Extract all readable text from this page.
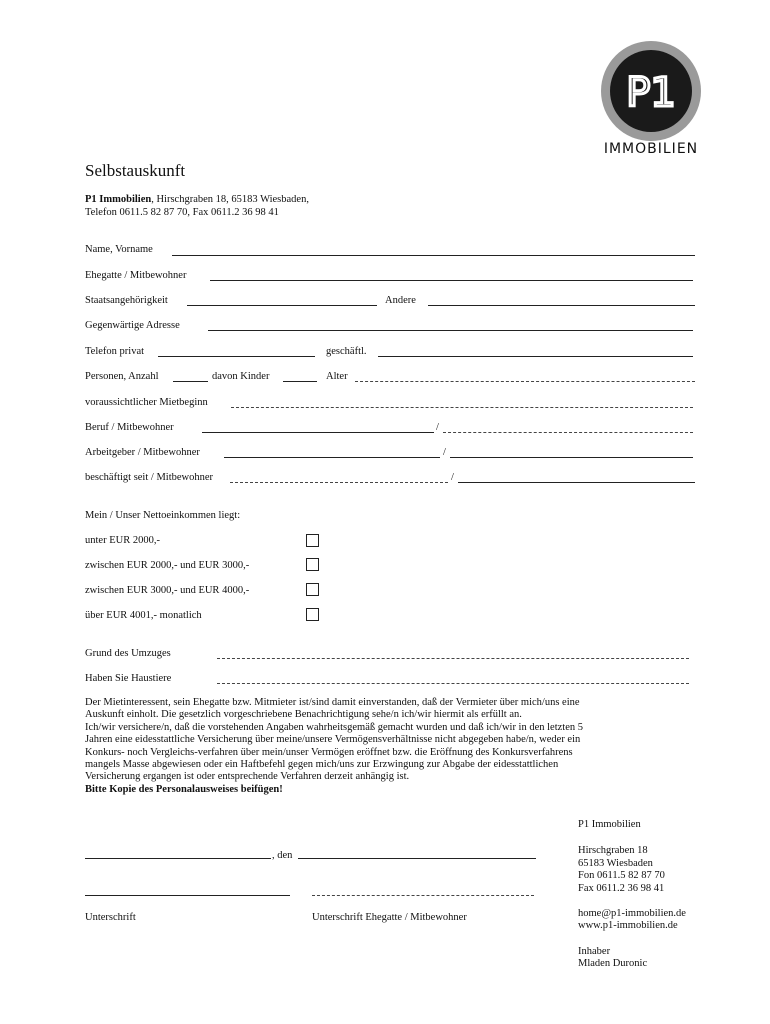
P1
IMMOBILIEN
Selbstauskunft
P1 Immobilien, Hirschgraben 18, 65183 Wiesbaden,
Telefon 0611.5 82 87 70, Fax 0611.2 36 98 41
Name, Vorname
Ehegatte / Mitbewohner
Staatsangehörigkeit	Andere
Gegenwärtige Adresse
Telefon privat	geschäftl.
Personen, Anzahl	davon Kinder	Alter
voraussichtlicher Mietbeginn
Beruf / Mitbewohner	/
Arbeitgeber / Mitbewohner	/
beschäftigt seit / Mitbewohner	/
Mein / Unser Nettoeinkommen liegt:
unter EUR 2000,-
zwischen EUR 2000,- und EUR 3000,-
zwischen EUR 3000,- und EUR 4000,-
über EUR 4001,- monatlich
Grund des Umzuges
Haben Sie Haustiere

Der Mietinteressent, sein Ehegatte bzw. Mitmieter ist/sind damit einverstanden, daß der Vermieter über mich/uns eine

Auskunft einholt. Die gesetzlich vorgeschriebene Benachrichtigung sehe/n ich/wir hiermit als erfüllt an.

Ich/wir versichere/n, daß die vorstehenden Angaben wahrheitsgemäß gemacht wurden und daß ich/wir in den letzten 5

Jahren eine eidesstattliche Versicherung über meine/unsere Vermögensverhältnisse nicht abgegeben habe/n, weder ein

Konkurs- noch Vergleichs-verfahren über mein/unser Vermögen eröffnet bzw. die Eröffnung des Konkursverfahrens

mangels Masse abgewiesen oder ein Haftbefehl gegen mich/uns zur Erzwingung zur Abgabe der eidesstattlichen

Versicherung ergangen ist oder entsprechende Verfahren derzeit anhängig ist.

Bitte Kopie des Personalausweises beifügen!

, den
Unterschrift	Unterschrift Ehegatte / Mitbewohner
P1 Immobilien
Hirschgraben 18
65183 Wiesbaden
Fon 0611.5 82 87 70
Fax 0611.2 36 98 41
home@p1-immobilien.de
www.p1-immobilien.de
Inhaber
Mladen Duronic
